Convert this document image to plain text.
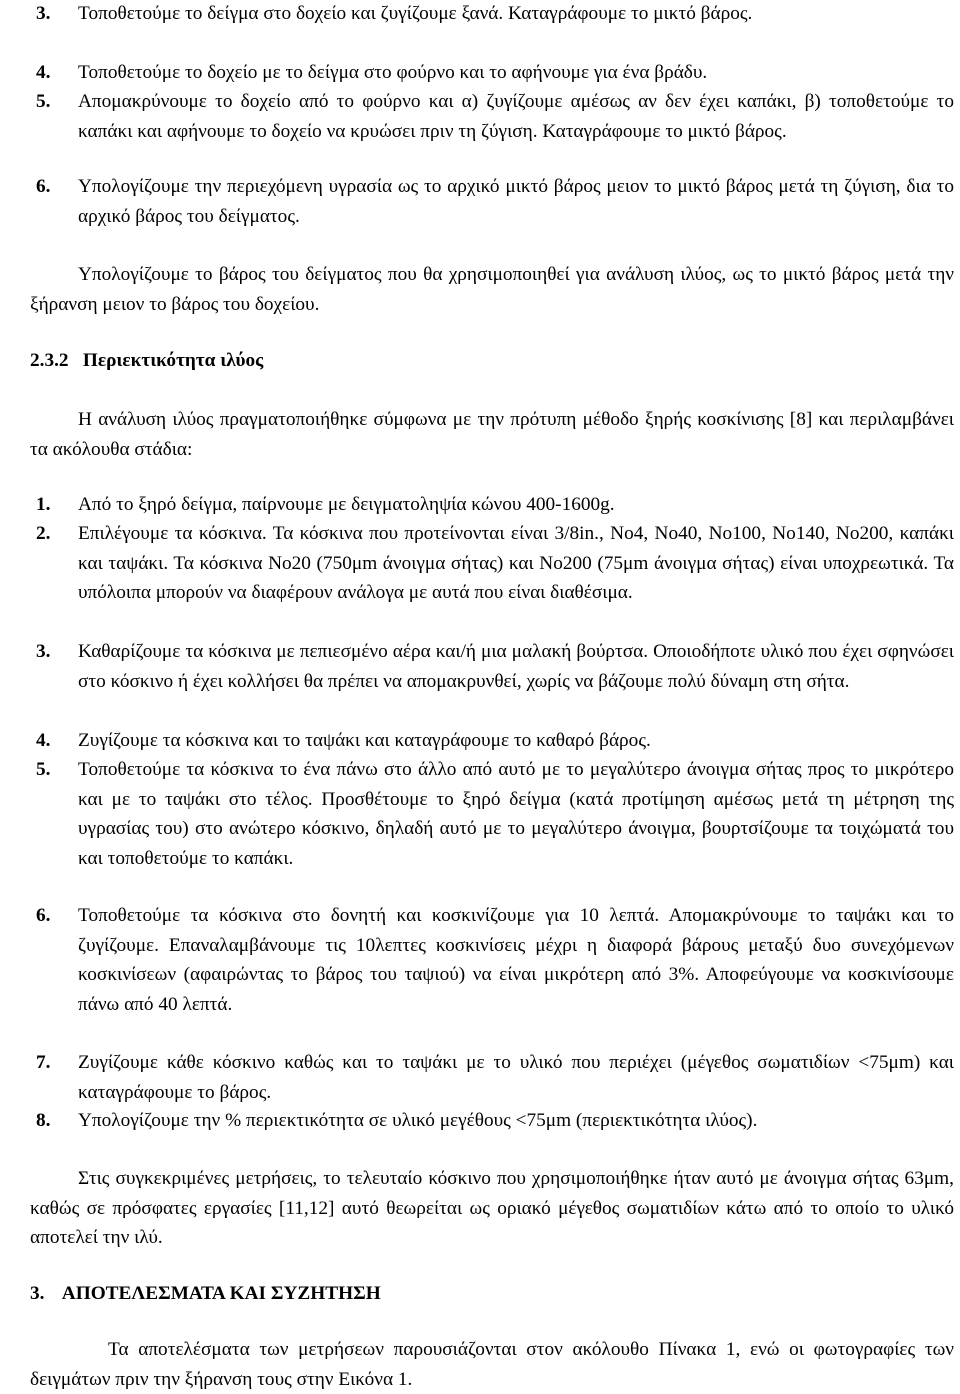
3.	Τοποθετούμε το δείγμα στο δοχείο και ζυγίζουμε ξανά. Καταγράφουμε το μικτό βάρος.
4.	Τοποθετούμε το δοχείο με το δείγμα στο φούρνο και το αφήνουμε για ένα βράδυ.
5.	Απομακρύνουμε το δοχείο από το φούρνο και α) ζυγίζουμε αμέσως αν δεν έχει καπάκι, β) τοποθετούμε το καπάκι και αφήνουμε το δοχείο να κρυώσει πριν τη ζύγιση. Καταγράφουμε το μικτό βάρος.
6.	Υπολογίζουμε την περιεχόμενη υγρασία ως το αρχικό μικτό βάρος μειον το μικτό βάρος μετά τη ζύγιση, δια το αρχικό βάρος του δείγματος.
Υπολογίζουμε το βάρος του δείγματος που θα χρησιμοποιηθεί για ανάλυση ιλύος, ως το μικτό βάρος μετά την ξήρανση μειον το βάρος του δοχείου.
2.3.2 Περιεκτικότητα ιλύος
Η ανάλυση ιλύος πραγματοποιήθηκε σύμφωνα με την πρότυπη μέθοδο ξηρής κοσκίνισης [8] και περιλαμβάνει τα ακόλουθα στάδια:
1.	Από το ξηρό δείγμα, παίρνουμε με δειγματοληψία κώνου 400-1600g.
2.	Επιλέγουμε τα κόσκινα. Τα κόσκινα που προτείνονται είναι 3/8in., Νο4, Νο40, Νο100, Νο140, Νο200, καπάκι και ταψάκι. Τα κόσκινα Νο20 (750μm άνοιγμα σήτας) και Νο200 (75μm άνοιγμα σήτας) είναι υποχρεωτικά. Τα υπόλοιπα μπορούν να διαφέρουν ανάλογα με αυτά που είναι διαθέσιμα.
3.	Καθαρίζουμε τα κόσκινα με πεπιεσμένο αέρα και/ή μια μαλακή βούρτσα. Οποιοδήποτε υλικό που έχει σφηνώσει στο κόσκινο ή έχει κολλήσει θα πρέπει να απομακρυνθεί, χωρίς να βάζουμε πολύ δύναμη στη σήτα.
4.	Ζυγίζουμε τα κόσκινα και το ταψάκι και καταγράφουμε το καθαρό βάρος.
5.	Τοποθετούμε τα κόσκινα το ένα πάνω στο άλλο από αυτό με το μεγαλύτερο άνοιγμα σήτας προς το μικρότερο και με το ταψάκι στο τέλος. Προσθέτουμε το ξηρό δείγμα (κατά προτίμηση αμέσως μετά τη μέτρηση της υγρασίας του) στο ανώτερο κόσκινο, δηλαδή αυτό με το μεγαλύτερο άνοιγμα, βουρτσίζουμε τα τοιχώματά του και τοποθετούμε το καπάκι.
6.	Τοποθετούμε τα κόσκινα στο δονητή και κοσκινίζουμε για 10 λεπτά. Απομακρύνουμε το ταψάκι και το ζυγίζουμε. Επαναλαμβάνουμε τις 10λεπτες κοσκινίσεις μέχρι η διαφορά βάρους μεταξύ δυο συνεχόμενων κοσκινίσεων (αφαιρώντας το βάρος του ταψιού) να είναι μικρότερη από 3%. Αποφεύγουμε να κοσκινίσουμε πάνω από 40 λεπτά.
7.	Ζυγίζουμε κάθε κόσκινο καθώς και το ταψάκι με το υλικό που περιέχει (μέγεθος σωματιδίων <75μm) και καταγράφουμε το βάρος.
8.	Υπολογίζουμε την % περιεκτικότητα σε υλικό μεγέθους <75μm (περιεκτικότητα ιλύος).
Στις συγκεκριμένες μετρήσεις, το τελευταίο κόσκινο που χρησιμοποιήθηκε ήταν αυτό με άνοιγμα σήτας 63μm, καθώς σε πρόσφατες εργασίες [11,12] αυτό θεωρείται ως οριακό μέγεθος σωματιδίων κάτω από το οποίο το υλικό αποτελεί την ιλύ.
3. ΑΠΟΤΕΛΕΣΜΑΤΑ ΚΑΙ ΣΥΖΗΤΗΣΗ
Τα αποτελέσματα των μετρήσεων παρουσιάζονται στον ακόλουθο Πίνακα 1, ενώ οι φωτογραφίες των δειγμάτων πριν την ξήρανση τους στην Εικόνα 1.
